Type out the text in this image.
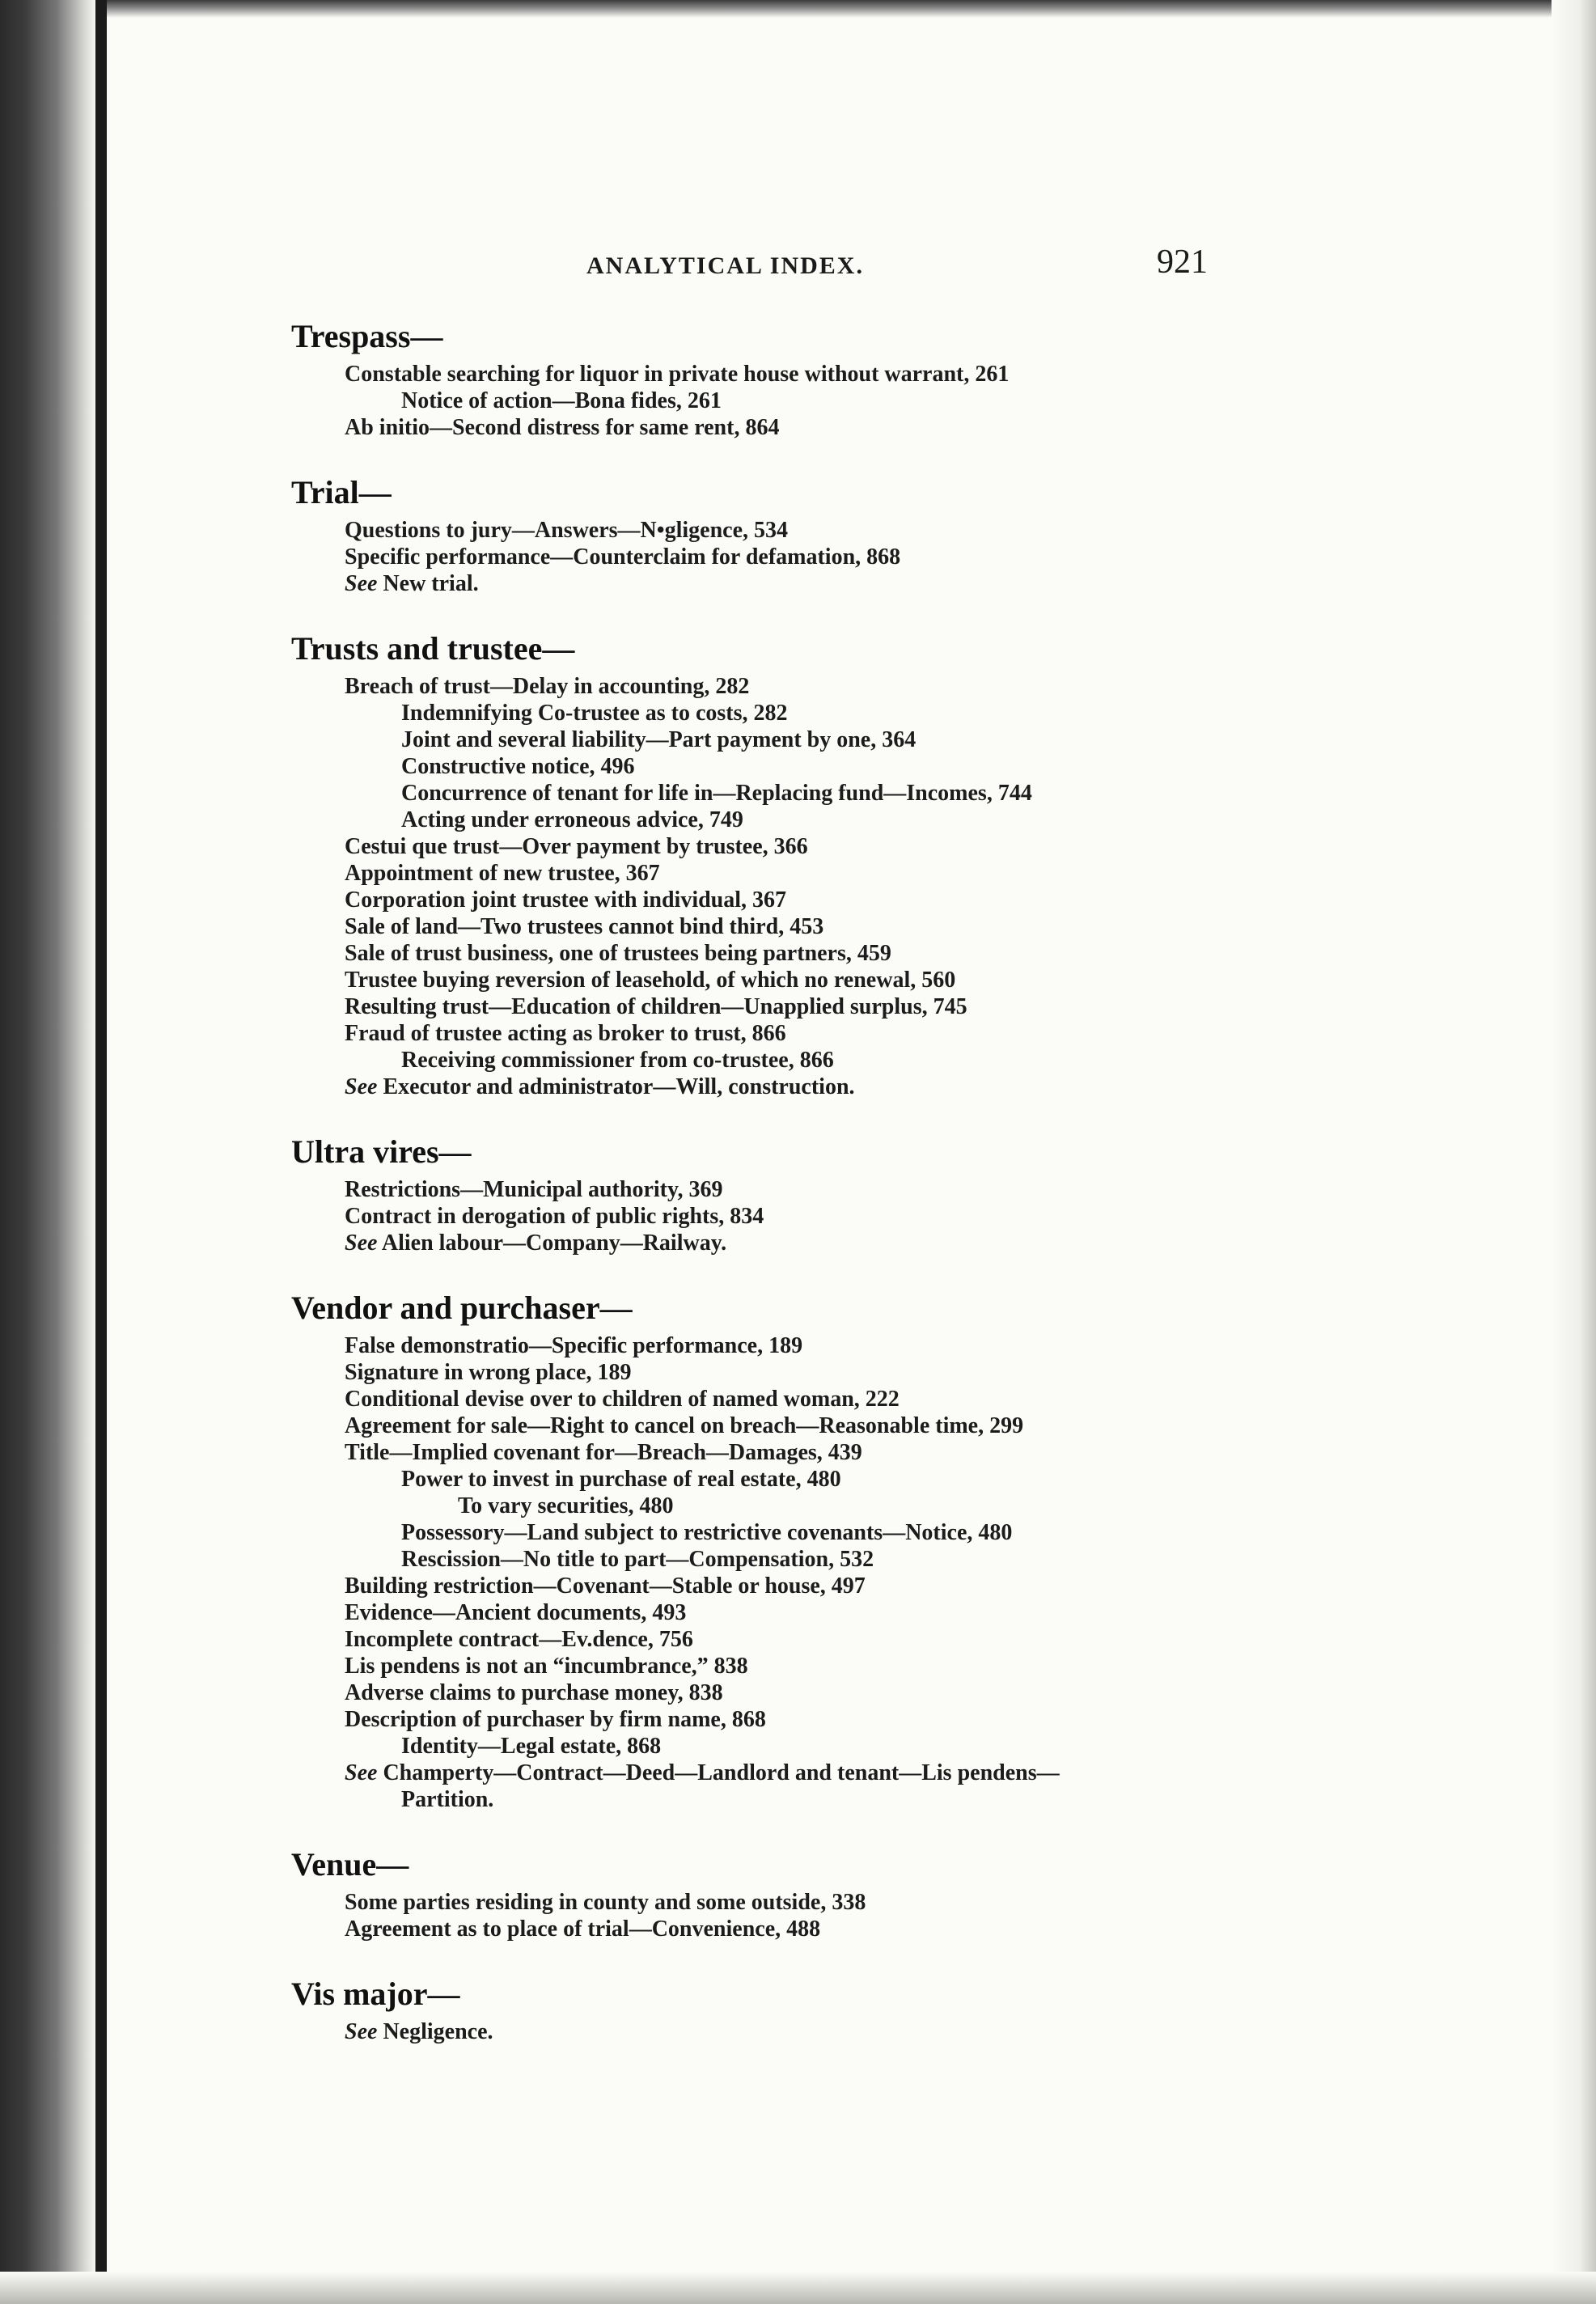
ANALYTICAL INDEX.	921
Trespass—
Constable searching for liquor in private house without warrant, 261
Notice of action—Bona fides, 261
Ab initio—Second distress for same rent, 864
Trial—
Questions to jury—Answers—N•gligence, 534
Specific performance—Counterclaim for defamation, 868
See New trial.
Trusts and trustee—
Breach of trust—Delay in accounting, 282
Indemnifying Co-trustee as to costs, 282
Joint and several liability—Part payment by one, 364
Constructive notice, 496
Concurrence of tenant for life in—Replacing fund—Incomes, 744
Acting under erroneous advice, 749
Cestui que trust—Over payment by trustee, 366
Appointment of new trustee, 367
Corporation joint trustee with individual, 367
Sale of land—Two trustees cannot bind third, 453
Sale of trust business, one of trustees being partners, 459
Trustee buying reversion of leasehold, of which no renewal, 560
Resulting trust—Education of children—Unapplied surplus, 745
Fraud of trustee acting as broker to trust, 866
Receiving commissioner from co-trustee, 866
See Executor and administrator—Will, construction.
Ultra vires—
Restrictions—Municipal authority, 369
Contract in derogation of public rights, 834
See Alien labour—Company—Railway.
Vendor and purchaser—
False demonstratio—Specific performance, 189
Signature in wrong place, 189
Conditional devise over to children of named woman, 222
Agreement for sale—Right to cancel on breach—Reasonable time, 299
Title—Implied covenant for—Breach—Damages, 439
Power to invest in purchase of real estate, 480
To vary securities, 480
Possessory—Land subject to restrictive covenants—Notice, 480
Rescission—No title to part—Compensation, 532
Building restriction—Covenant—Stable or house, 497
Evidence—Ancient documents, 493
Incomplete contract—Ev.dence, 756
Lis pendens is not an “incumbrance,” 838
Adverse claims to purchase money, 838
Description of purchaser by firm name, 868
Identity—Legal estate, 868
See Champerty—Contract—Deed—Landlord and tenant—Lis pendens—
Partition.
Venue—
Some parties residing in county and some outside, 338
Agreement as to place of trial—Convenience, 488
Vis major—
See Negligence.
